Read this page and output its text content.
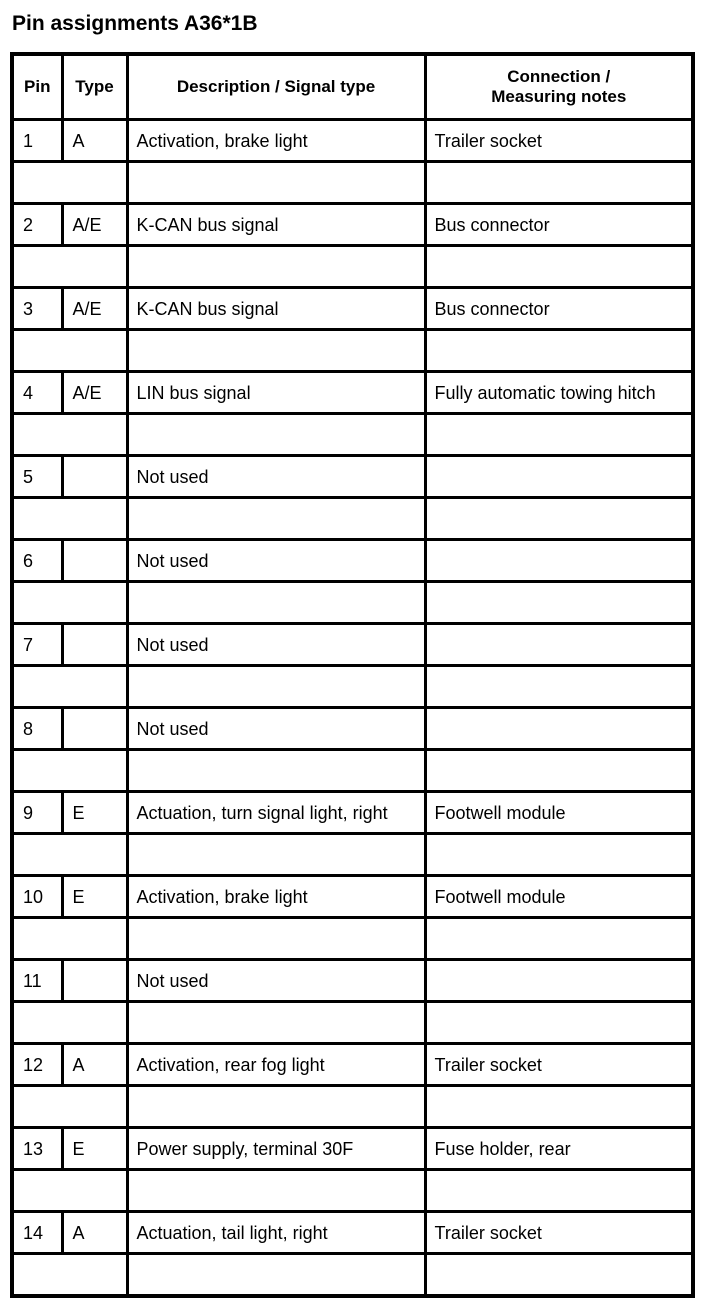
Pin assignments A36*1B
Pin	Type	Description / Signal type	Connection /
Measuring notes
1	A	Activation, brake light	Trailer socket

2	A/E	K-CAN bus signal	Bus connector

3	A/E	K-CAN bus signal	Bus connector

4	A/E	LIN bus signal	Fully automatic towing hitch

5		Not used	

6		Not used	

7		Not used	

8		Not used	

9	E	Actuation, turn signal light, right	Footwell module

10	E	Activation, brake light	Footwell module

11		Not used	

12	A	Activation, rear fog light	Trailer socket

13	E	Power supply, terminal 30F	Fuse holder, rear

14	A	Actuation, tail light, right	Trailer socket
